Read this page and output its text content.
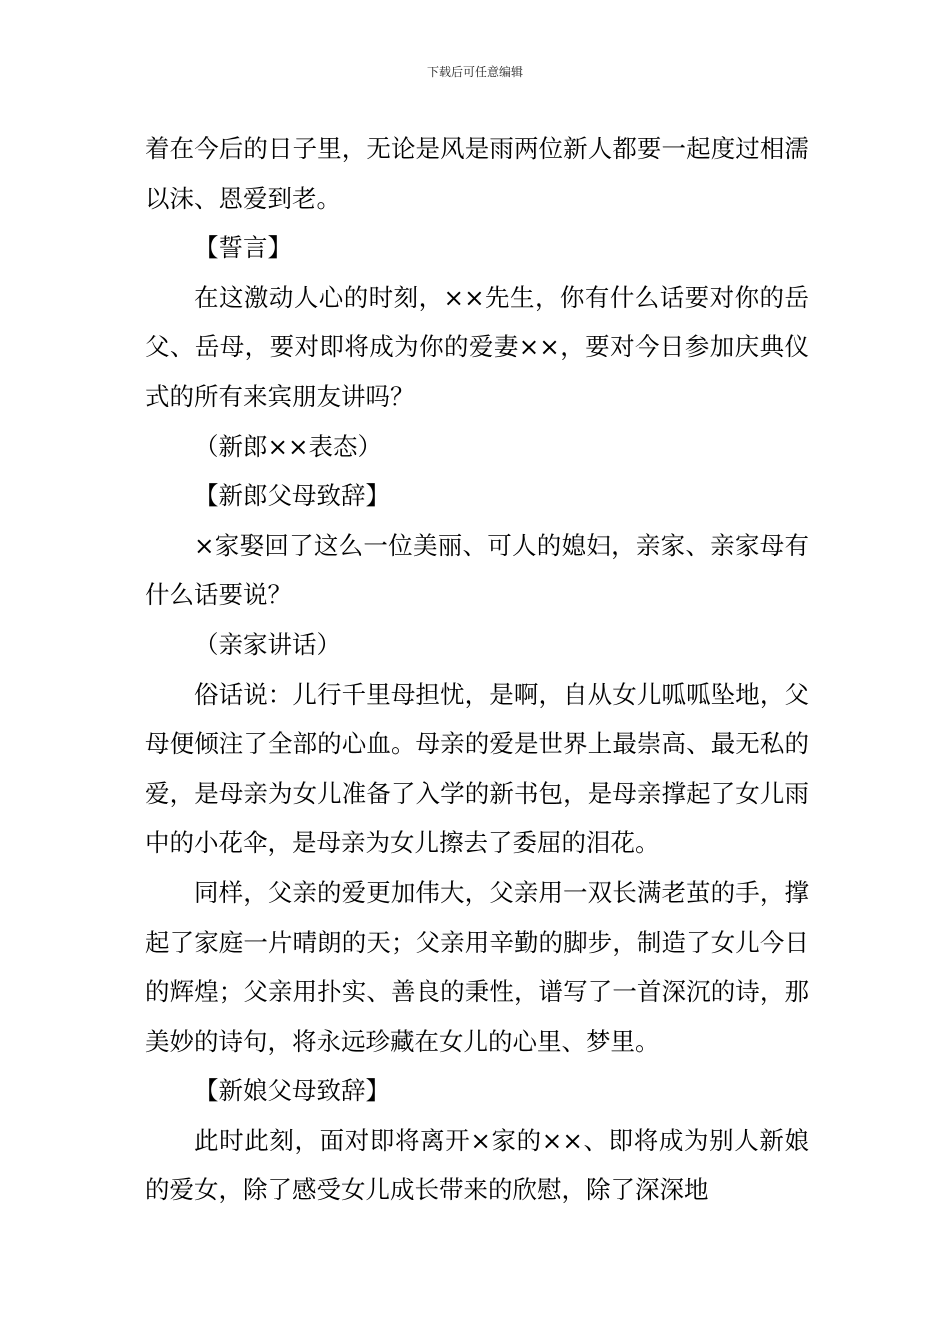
下载后可任意编辑

着在今后的日子里，无论是风是雨两位新人都要一起度过相濡以沫、恩爱到老。

【誓言】

在这激动人心的时刻，××先生，你有什么话要对你的岳父、岳母，要对即将成为你的爱妻××，要对今日参加庆典仪式的所有来宾朋友讲吗？

（新郎××表态）

【新郎父母致辞】

×家娶回了这么一位美丽、可人的媳妇，亲家、亲家母有什么话要说？

（亲家讲话）

俗话说：儿行千里母担忧，是啊，自从女儿呱呱坠地，父母便倾注了全部的心血。母亲的爱是世界上最崇高、最无私的爱，是母亲为女儿准备了入学的新书包，是母亲撑起了女儿雨中的小花伞，是母亲为女儿擦去了委屈的泪花。

同样，父亲的爱更加伟大，父亲用一双长满老茧的手，撑起了家庭一片晴朗的天；父亲用辛勤的脚步，制造了女儿今日的辉煌；父亲用扑实、善良的秉性，谱写了一首深沉的诗，那美妙的诗句，将永远珍藏在女儿的心里、梦里。

【新娘父母致辞】

此时此刻，面对即将离开×家的××、即将成为别人新娘的爱女，除了感受女儿成长带来的欣慰，除了深深地
